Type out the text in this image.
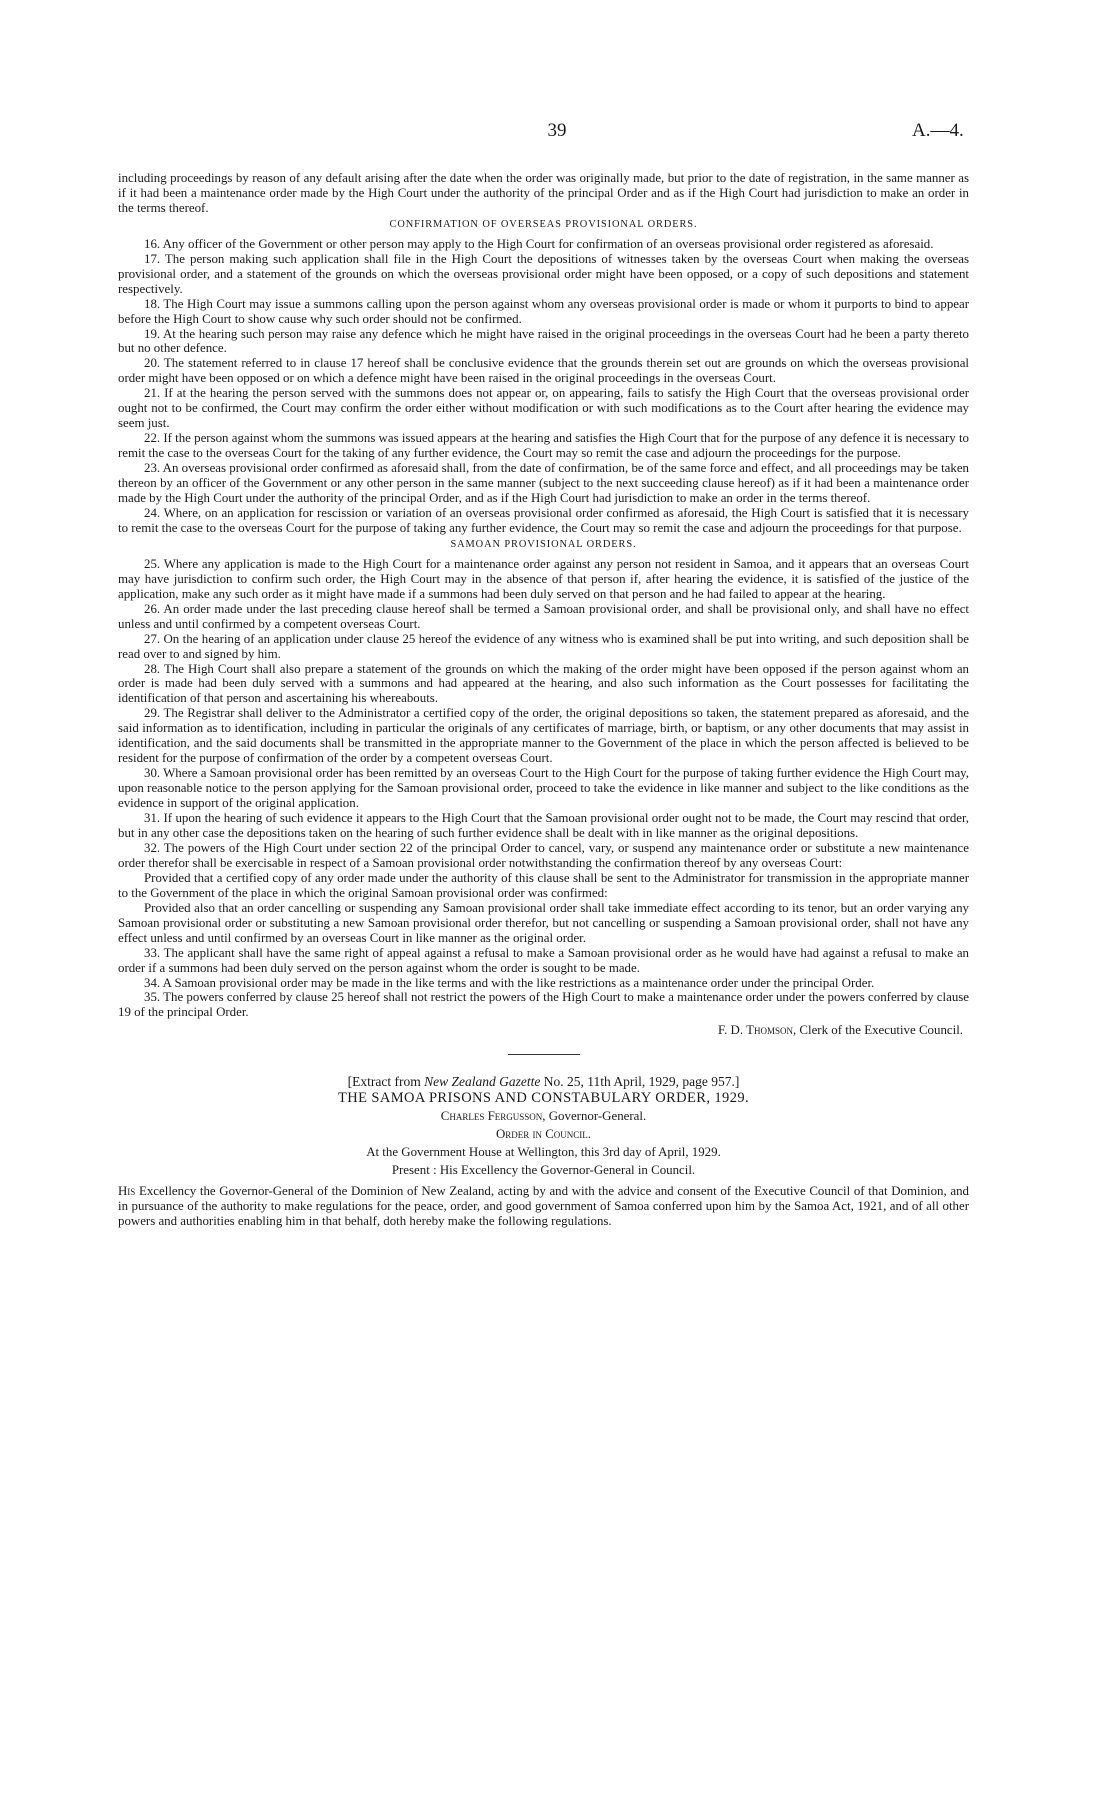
39	A.—4.

including proceedings by reason of any default arising after the date when the order was originally made, but prior to the date of registration, in the same manner as if it had been a maintenance order made by the High Court under the authority of the principal Order and as if the High Court had jurisdiction to make an order in the terms thereof.

CONFIRMATION OF OVERSEAS PROVISIONAL ORDERS.

16. Any officer of the Government or other person may apply to the High Court for confirmation of an overseas provisional order registered as aforesaid.

17. The person making such application shall file in the High Court the depositions of witnesses taken by the overseas Court when making the overseas provisional order, and a statement of the grounds on which the overseas provisional order might have been opposed, or a copy of such depositions and statement respectively.

18. The High Court may issue a summons calling upon the person against whom any overseas provisional order is made or whom it purports to bind to appear before the High Court to show cause why such order should not be confirmed.

19. At the hearing such person may raise any defence which he might have raised in the original proceedings in the overseas Court had he been a party thereto but no other defence.

20. The statement referred to in clause 17 hereof shall be conclusive evidence that the grounds therein set out are grounds on which the overseas provisional order might have been opposed or on which a defence might have been raised in the original proceedings in the overseas Court.

21. If at the hearing the person served with the summons does not appear or, on appearing, fails to satisfy the High Court that the overseas provisional order ought not to be confirmed, the Court may confirm the order either without modification or with such modifications as to the Court after hearing the evidence may seem just.

22. If the person against whom the summons was issued appears at the hearing and satisfies the High Court that for the purpose of any defence it is necessary to remit the case to the overseas Court for the taking of any further evidence, the Court may so remit the case and adjourn the proceedings for the purpose.

23. An overseas provisional order confirmed as aforesaid shall, from the date of confirmation, be of the same force and effect, and all proceedings may be taken thereon by an officer of the Government or any other person in the same manner (subject to the next succeeding clause hereof) as if it had been a maintenance order made by the High Court under the authority of the principal Order, and as if the High Court had jurisdiction to make an order in the terms thereof.

24. Where, on an application for rescission or variation of an overseas provisional order confirmed as aforesaid, the High Court is satisfied that it is necessary to remit the case to the overseas Court for the purpose of taking any further evidence, the Court may so remit the case and adjourn the proceedings for that purpose.

SAMOAN PROVISIONAL ORDERS.

25. Where any application is made to the High Court for a maintenance order against any person not resident in Samoa, and it appears that an overseas Court may have jurisdiction to confirm such order, the High Court may in the absence of that person if, after hearing the evidence, it is satisfied of the justice of the application, make any such order as it might have made if a summons had been duly served on that person and he had failed to appear at the hearing.

26. An order made under the last preceding clause hereof shall be termed a Samoan provisional order, and shall be provisional only, and shall have no effect unless and until confirmed by a competent overseas Court.

27. On the hearing of an application under clause 25 hereof the evidence of any witness who is examined shall be put into writing, and such deposition shall be read over to and signed by him.

28. The High Court shall also prepare a statement of the grounds on which the making of the order might have been opposed if the person against whom an order is made had been duly served with a summons and had appeared at the hearing, and also such information as the Court possesses for facilitating the identification of that person and ascertaining his whereabouts.

29. The Registrar shall deliver to the Administrator a certified copy of the order, the original depositions so taken, the statement prepared as aforesaid, and the said information as to identification, including in particular the originals of any certificates of marriage, birth, or baptism, or any other documents that may assist in identification, and the said documents shall be transmitted in the appropriate manner to the Government of the place in which the person affected is believed to be resident for the purpose of confirmation of the order by a competent overseas Court.

30. Where a Samoan provisional order has been remitted by an overseas Court to the High Court for the purpose of taking further evidence the High Court may, upon reasonable notice to the person applying for the Samoan provisional order, proceed to take the evidence in like manner and subject to the like conditions as the evidence in support of the original application.

31. If upon the hearing of such evidence it appears to the High Court that the Samoan provisional order ought not to be made, the Court may rescind that order, but in any other case the depositions taken on the hearing of such further evidence shall be dealt with in like manner as the original depositions.

32. The powers of the High Court under section 22 of the principal Order to cancel, vary, or suspend any maintenance order or substitute a new maintenance order therefor shall be exercisable in respect of a Samoan provisional order notwithstanding the confirmation thereof by any overseas Court:

Provided that a certified copy of any order made under the authority of this clause shall be sent to the Administrator for transmission in the appropriate manner to the Government of the place in which the original Samoan provisional order was confirmed:

Provided also that an order cancelling or suspending any Samoan provisional order shall take immediate effect according to its tenor, but an order varying any Samoan provisional order or substituting a new Samoan provisional order therefor, but not cancelling or suspending a Samoan provisional order, shall not have any effect unless and until confirmed by an overseas Court in like manner as the original order.

33. The applicant shall have the same right of appeal against a refusal to make a Samoan provisional order as he would have had against a refusal to make an order if a summons had been duly served on the person against whom the order is sought to be made.

34. A Samoan provisional order may be made in the like terms and with the like restrictions as a maintenance order under the principal Order.

35. The powers conferred by clause 25 hereof shall not restrict the powers of the High Court to make a maintenance order under the powers conferred by clause 19 of the principal Order.

F. D. Thomson, Clerk of the Executive Council.

[Extract from New Zealand Gazette No. 25, 11th April, 1929, page 957.]

THE SAMOA PRISONS AND CONSTABULARY ORDER, 1929.

Charles Fergusson, Governor-General.

Order in Council.

At the Government House at Wellington, this 3rd day of April, 1929.

Present : His Excellency the Governor-General in Council.

His Excellency the Governor-General of the Dominion of New Zealand, acting by and with the advice and consent of the Executive Council of that Dominion, and in pursuance of the authority to make regulations for the peace, order, and good government of Samoa conferred upon him by the Samoa Act, 1921, and of all other powers and authorities enabling him in that behalf, doth hereby make the following regulations.
